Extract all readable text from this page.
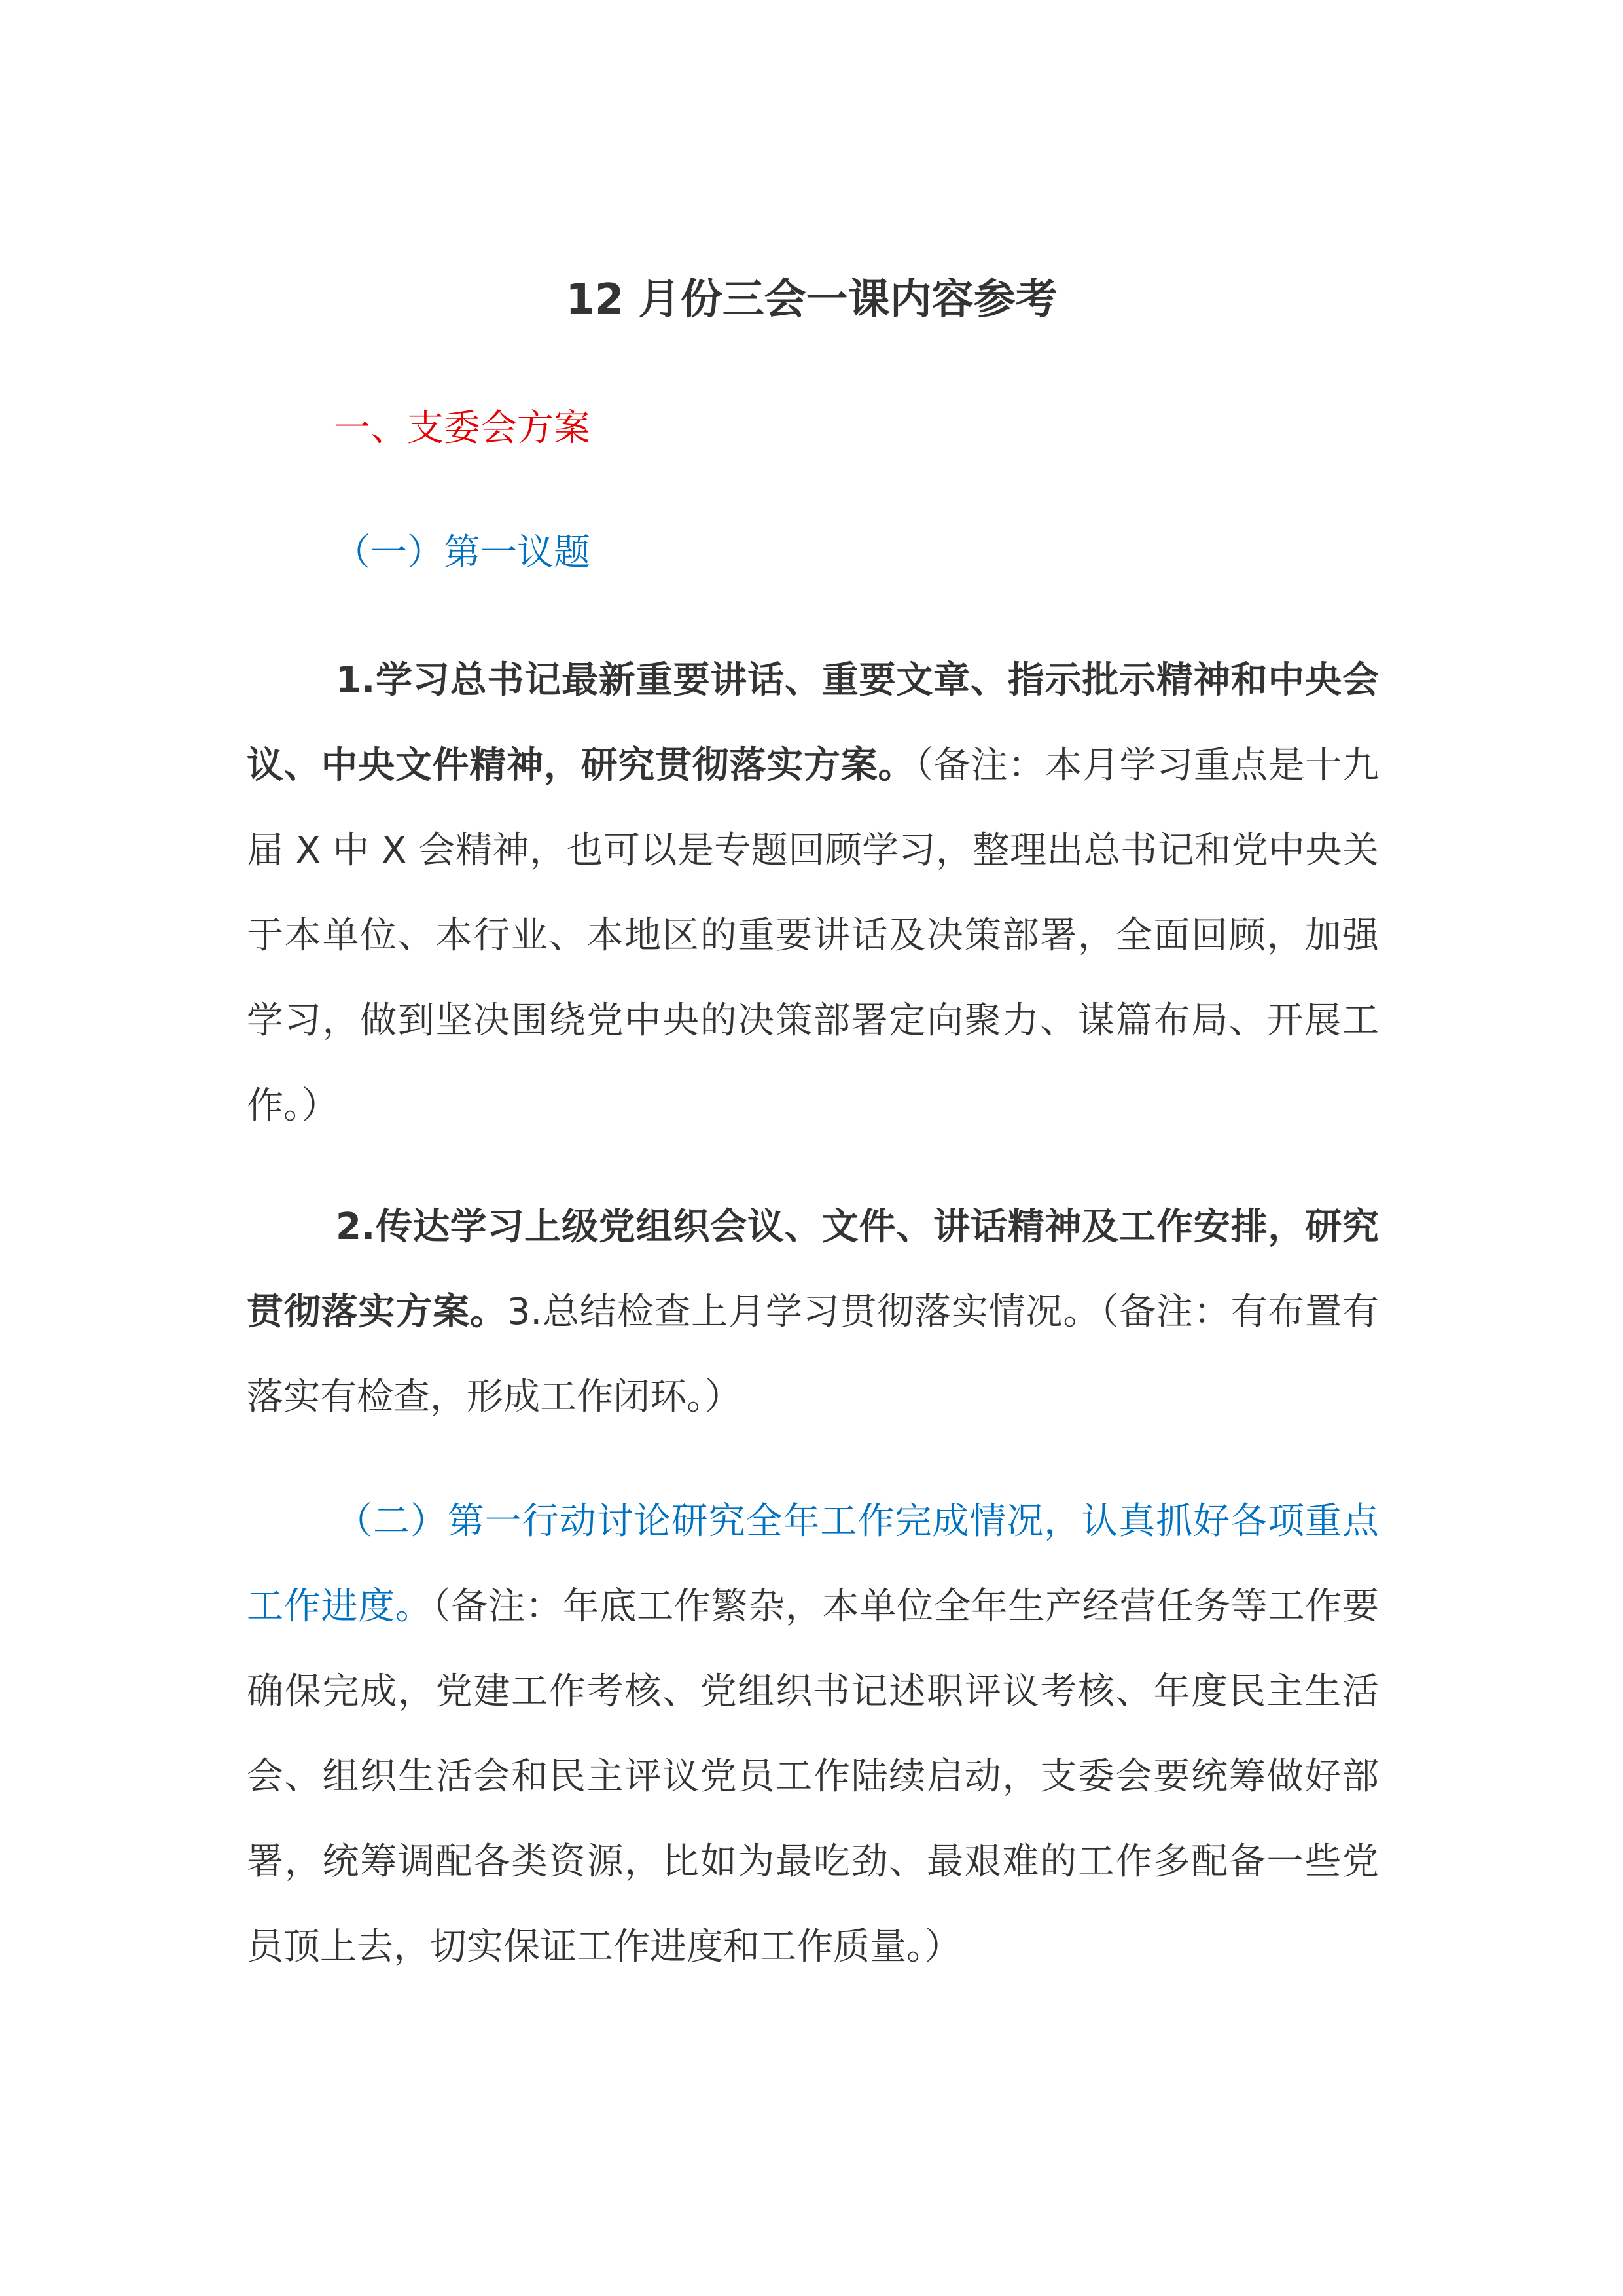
12 月份三会一课内容参考
一、支委会方案
（一）第一议题

1.学习总书记最新重要讲话、重要文章、指示批示精神和中央会议、中央文件精神，研究贯彻落实方案。（备注：本月学习重点是十九届 X 中 X 会精神，也可以是专题回顾学习，整理出总书记和党中央关于本单位、本行业、本地区的重要讲话及决策部署，全面回顾，加强学习，做到坚决围绕党中央的决策部署定向聚力、谋篇布局、开展工作。）

2.传达学习上级党组织会议、文件、讲话精神及工作安排，研究贯彻落实方案。3.总结检查上月学习贯彻落实情况。（备注：有布置有落实有检查，形成工作闭环。）

（二）第一行动讨论研究全年工作完成情况，认真抓好各项重点工作进度。（备注：年底工作繁杂，本单位全年生产经营任务等工作要确保完成，党建工作考核、党组织书记述职评议考核、年度民主生活会、组织生活会和民主评议党员工作陆续启动，支委会要统筹做好部署，统筹调配各类资源，比如为最吃劲、最艰难的工作多配备一些党员顶上去，切实保证工作进度和工作质量。）
